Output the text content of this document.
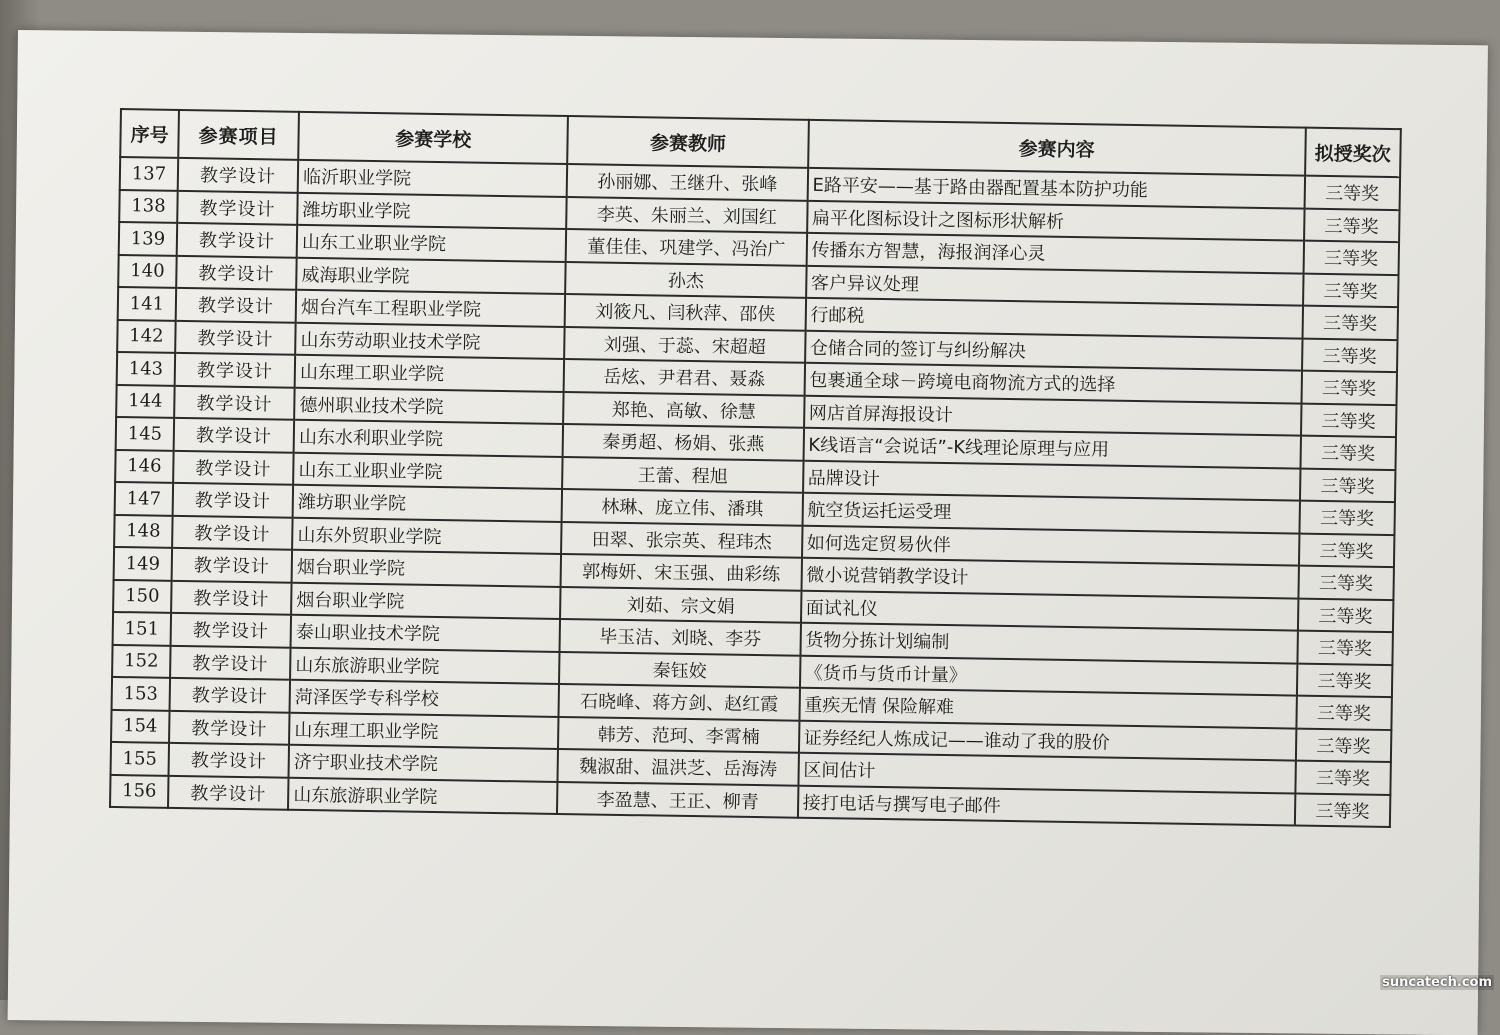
序号	参赛项目	参赛学校	参赛教师	参赛内容	拟授奖次
137	教学设计	临沂职业学院	孙丽娜、王继升、张峰	E路平安——基于路由器配置基本防护功能	三等奖
138	教学设计	潍坊职业学院	李英、朱丽兰、刘国红	扁平化图标设计之图标形状解析	三等奖
139	教学设计	山东工业职业学院	董佳佳、巩建学、冯治广	传播东方智慧，海报润泽心灵	三等奖
140	教学设计	威海职业学院	孙杰	客户异议处理	三等奖
141	教学设计	烟台汽车工程职业学院	刘筱凡、闫秋萍、邵侠	行邮税	三等奖
142	教学设计	山东劳动职业技术学院	刘强、于蕊、宋超超	仓储合同的签订与纠纷解决	三等奖
143	教学设计	山东理工职业学院	岳炫、尹君君、聂淼	包裹通全球－跨境电商物流方式的选择	三等奖
144	教学设计	德州职业技术学院	郑艳、高敏、徐慧	网店首屏海报设计	三等奖
145	教学设计	山东水利职业学院	秦勇超、杨娟、张燕	K线语言“会说话”-K线理论原理与应用	三等奖
146	教学设计	山东工业职业学院	王蕾、程旭	品牌设计	三等奖
147	教学设计	潍坊职业学院	林琳、庞立伟、潘琪	航空货运托运受理	三等奖
148	教学设计	山东外贸职业学院	田翠、张宗英、程玮杰	如何选定贸易伙伴	三等奖
149	教学设计	烟台职业学院	郭梅妍、宋玉强、曲彩练	微小说营销教学设计	三等奖
150	教学设计	烟台职业学院	刘茹、宗文娟	面试礼仪	三等奖
151	教学设计	泰山职业技术学院	毕玉洁、刘晓、李芬	货物分拣计划编制	三等奖
152	教学设计	山东旅游职业学院	秦钰姣	《货币与货币计量》	三等奖
153	教学设计	菏泽医学专科学校	石晓峰、蒋方剑、赵红霞	重疾无情 保险解难	三等奖
154	教学设计	山东理工职业学院	韩芳、范珂、李霄楠	证券经纪人炼成记——谁动了我的股价	三等奖
155	教学设计	济宁职业技术学院	魏淑甜、温洪芝、岳海涛	区间估计	三等奖
156	教学设计	山东旅游职业学院	李盈慧、王正、柳青	接打电话与撰写电子邮件	三等奖
suncatech.com
